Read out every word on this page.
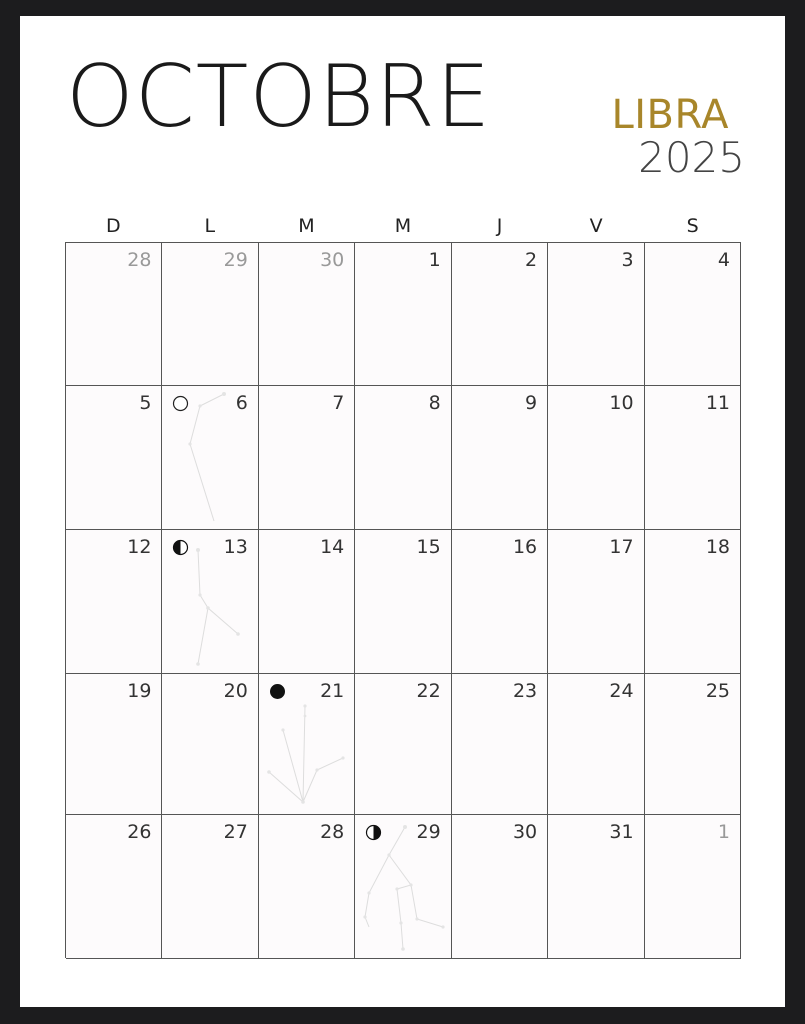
OCTOBRE	LIBRA
2025
D	L	M	M	J	V	S
28	29	30	1	2	3	4
5	6	7	8	9	10	11
12	13	14	15	16	17	18
19	20	21	22	23	24	25
26	27	28	29	30	31	1
